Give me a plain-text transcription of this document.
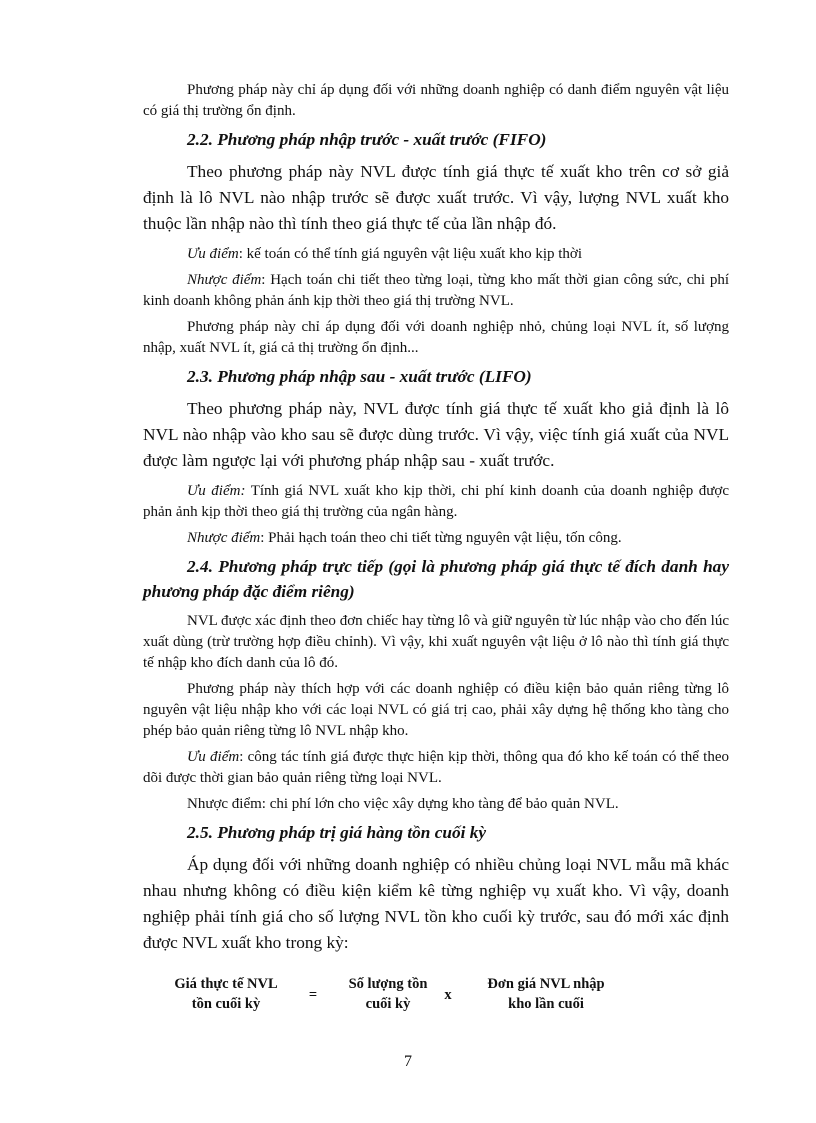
Phương pháp này chỉ áp dụng đối với những doanh nghiệp có danh điểm nguyên vật liệu có giá thị trường ổn định.

2.2. Phương pháp nhập trước - xuất trước (FIFO)

Theo phương pháp này NVL được tính giá thực tế xuất kho trên cơ sở giả định là lô NVL nào nhập trước sẽ được xuất trước. Vì vậy, lượng NVL xuất kho thuộc lần nhập nào thì tính theo giá thực tế của lần nhập đó.

Ưu điểm: kế toán có thể tính giá nguyên vật liệu xuất kho kịp thời

Nhược điểm: Hạch toán chi tiết theo từng loại, từng kho mất thời gian công sức, chi phí kinh doanh không phản ánh kịp thời theo giá thị trường NVL.

Phương pháp này chỉ áp dụng đối với doanh nghiệp nhỏ, chủng loại NVL ít, số lượng nhập, xuất NVL ít, giá cả thị trường ổn định...

2.3. Phương pháp nhập sau - xuất trước (LIFO)

Theo phương pháp này, NVL được tính giá thực tế xuất kho giả định là lô NVL nào nhập vào kho sau sẽ được dùng trước. Vì vậy, việc tính giá xuất của NVL được làm ngược lại với phương pháp nhập sau - xuất trước.

Ưu điểm: Tính giá NVL xuất kho kịp thời, chi phí kinh doanh của doanh nghiệp được phản ảnh kịp thời theo giá thị trường của ngân hàng.

Nhược điểm: Phải hạch toán theo chi tiết từng nguyên vật liệu, tốn công.

2.4. Phương pháp trực tiếp (gọi là phương pháp giá thực tế đích danh hay phương pháp đặc điểm riêng)

NVL được xác định theo đơn chiếc hay từng lô và giữ nguyên từ lúc nhập vào cho đến lúc xuất dùng (trừ trường hợp điều chỉnh). Vì vậy, khi xuất nguyên vật liệu ở lô nào thì tính giá thực tế nhập kho đích danh của lô đó.

Phương pháp này thích hợp với các doanh nghiệp có điều kiện bảo quản riêng từng lô nguyên vật liệu nhập kho với các loại NVL có giá trị cao, phải xây dựng hệ thống kho tàng cho phép bảo quản riêng từng lô NVL nhập kho.

Ưu điểm: công tác tính giá được thực hiện kịp thời, thông qua đó kho kế toán có thể theo dõi được thời gian bảo quản riêng từng loại NVL.

Nhược điểm: chi phí lớn cho việc xây dựng kho tàng để bảo quản NVL.

2.5. Phương pháp trị giá hàng tồn cuối kỳ

Áp dụng đối với những doanh nghiệp có nhiều chủng loại NVL mẫu mã khác nhau nhưng không có điều kiện kiểm kê từng nghiệp vụ xuất kho. Vì vậy, doanh nghiệp phải tính giá cho số lượng NVL tồn kho cuối kỳ trước, sau đó mới xác định được NVL xuất kho trong kỳ:

Giá thực tế NVL
tồn cuối kỳ
=
Số lượng tồn
cuối kỳ
x
Đơn giá NVL nhập
kho lần cuối
7
